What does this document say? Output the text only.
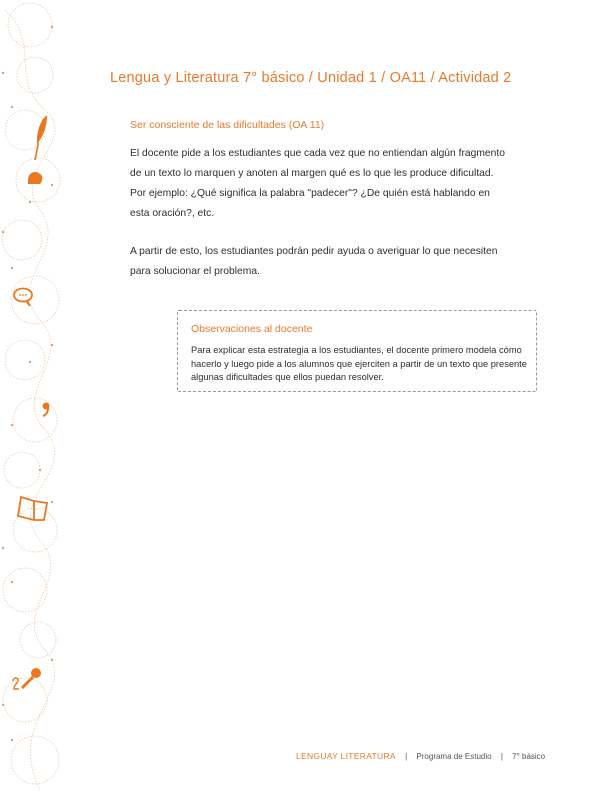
Lengua y Literatura 7° básico / Unidad 1 / OA11 / Actividad 2
Ser consciente de las dificultades (OA 11)
El docente pide a los estudiantes que cada vez que no entiendan algún fragmento de un texto lo marquen y anoten al margen qué es lo que les produce dificultad. Por ejemplo: ¿Qué significa la palabra "padecer"? ¿De quién está hablando en esta oración?, etc.
A partir de esto, los estudiantes podrán pedir ayuda o averiguar lo que necesiten para solucionar el problema.
Observaciones al docente
Para explicar esta estrategia a los estudiantes, el docente primero modela cómo hacerlo y luego pide a los alumnos que ejerciten a partir de un texto que presente algunas dificultades que ellos puedan resolver.
LENGUAY LITERATURA | Programa de Estudio | 7° básico
